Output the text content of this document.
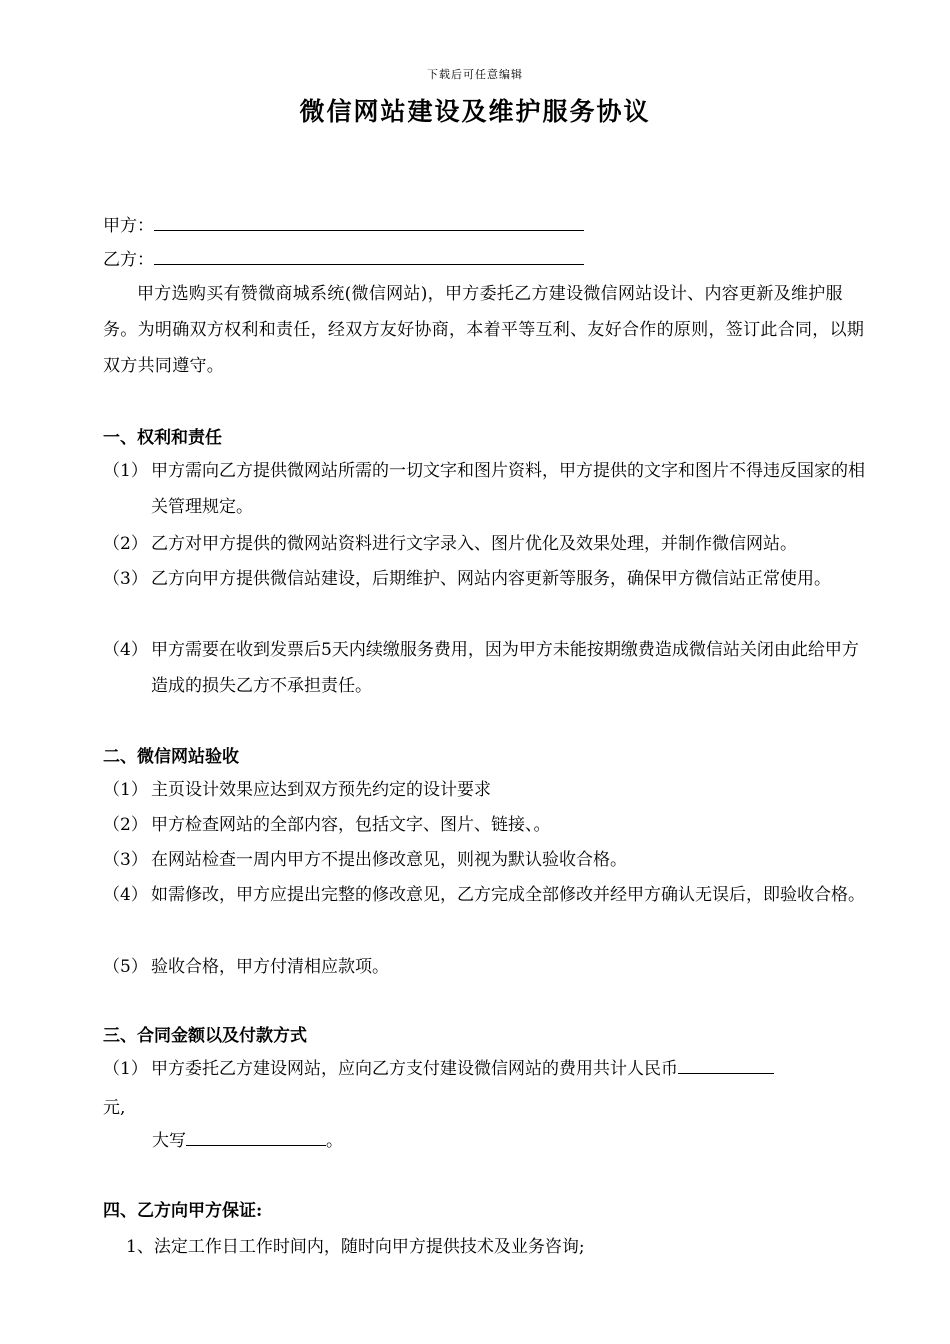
下载后可任意编辑
微信网站建设及维护服务协议
甲方：
乙方：
甲方选购买有赞微商城系统(微信网站)，甲方委托乙方建设微信网站设计、内容更新及维护服务。为明确双方权利和责任，经双方友好协商，本着平等互利、友好合作的原则，签订此合同，以期双方共同遵守。
一、权利和责任
（1） 甲方需向乙方提供微网站所需的一切文字和图片资料，甲方提供的文字和图片不得违反国家的相关管理规定。
（2） 乙方对甲方提供的微网站资料进行文字录入、图片优化及效果处理，并制作微信网站。
（3） 乙方向甲方提供微信站建设，后期维护、网站内容更新等服务，确保甲方微信站正常使用。
（4） 甲方需要在收到发票后5天内续缴服务费用，因为甲方未能按期缴费造成微信站关闭由此给甲方造成的损失乙方不承担责任。
二、微信网站验收
（1） 主页设计效果应达到双方预先约定的设计要求
（2） 甲方检查网站的全部内容，包括文字、图片、链接、。
（3） 在网站检查一周内甲方不提出修改意见，则视为默认验收合格。
（4） 如需修改，甲方应提出完整的修改意见，乙方完成全部修改并经甲方确认无误后，即验收合格。
（5） 验收合格，甲方付清相应款项。
三、合同金额以及付款方式
（1） 甲方委托乙方建设网站，应向乙方支付建设微信网站的费用共计人民币
元,
大写	。
四、乙方向甲方保证:
1、法定工作日工作时间内，随时向甲方提供技术及业务咨询;
